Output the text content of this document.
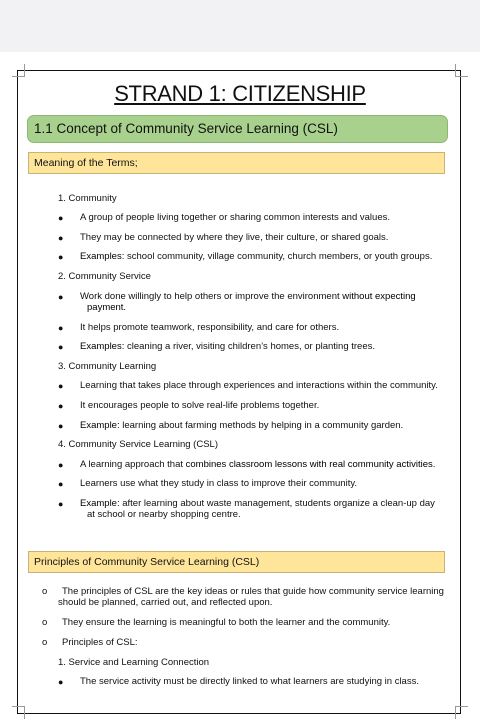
STRAND 1: CITIZENSHIP
1.1 Concept of Community Service Learning (CSL)
Meaning of the Terms;
1. Community
● A group of people living together or sharing common interests and values.
● They may be connected by where they live, their culture, or shared goals.
● Examples: school community, village community, church members, or youth groups.
2. Community Service
● Work done willingly to help others or improve the environment without expecting
payment.
● It helps promote teamwork, responsibility, and care for others.
● Examples: cleaning a river, visiting children’s homes, or planting trees.
3. Community Learning
● Learning that takes place through experiences and interactions within the community.
● It encourages people to solve real-life problems together.
● Example: learning about farming methods by helping in a community garden.
4. Community Service Learning (CSL)
● A learning approach that combines classroom lessons with real community activities.
● Learners use what they study in class to improve their community.
● Example: after learning about waste management, students organize a clean-up day
at school or nearby shopping centre.
Principles of Community Service Learning (CSL)
o The principles of CSL are the key ideas or rules that guide how community service learning
should be planned, carried out, and reflected upon.
o They ensure the learning is meaningful to both the learner and the community.
o Principles of CSL:
1. Service and Learning Connection
● The service activity must be directly linked to what learners are studying in class.
